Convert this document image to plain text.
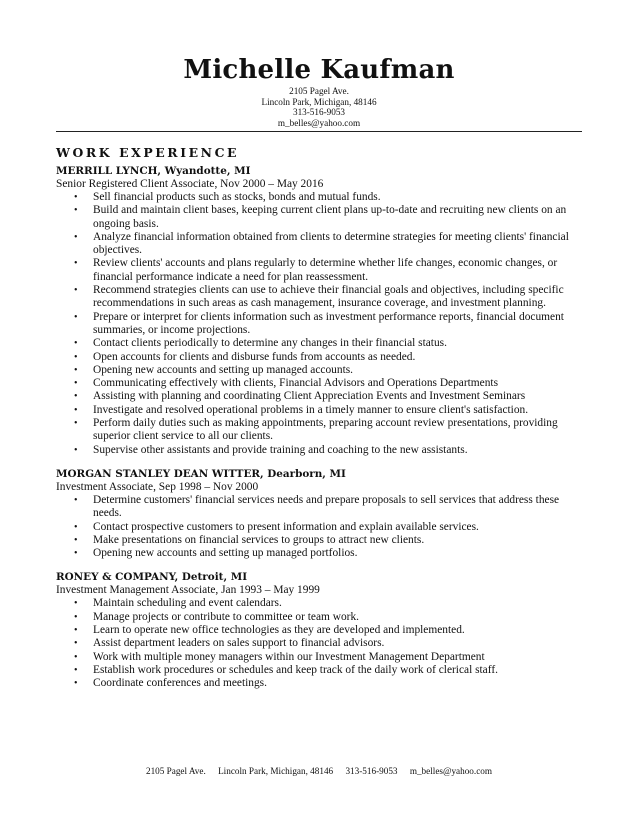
Michelle Kaufman
2105 Pagel Ave.
Lincoln Park, Michigan, 48146
313-516-9053
m_belles@yahoo.com
WORK EXPERIENCE
MERRILL LYNCH, Wyandotte, MI
Senior Registered Client Associate, Nov 2000 – May 2016
• Sell financial products such as stocks, bonds and mutual funds.
• Build and maintain client bases, keeping current client plans up-to-date and recruiting new clients on an ongoing basis.
• Analyze financial information obtained from clients to determine strategies for meeting clients' financial objectives.
• Review clients' accounts and plans regularly to determine whether life changes, economic changes, or financial performance indicate a need for plan reassessment.
• Recommend strategies clients can use to achieve their financial goals and objectives, including specific recommendations in such areas as cash management, insurance coverage, and investment planning.
• Prepare or interpret for clients information such as investment performance reports, financial document summaries, or income projections.
• Contact clients periodically to determine any changes in their financial status.
• Open accounts for clients and disburse funds from accounts as needed.
• Opening new accounts and setting up managed accounts.
• Communicating effectively with clients, Financial Advisors and Operations Departments
• Assisting with planning and coordinating Client Appreciation Events and Investment Seminars
• Investigate and resolved operational problems in a timely manner to ensure client's satisfaction.
• Perform daily duties such as making appointments, preparing account review presentations, providing superior client service to all our clients.
• Supervise other assistants and provide training and coaching to the new assistants.
MORGAN STANLEY DEAN WITTER, Dearborn, MI
Investment Associate, Sep 1998 – Nov 2000
• Determine customers' financial services needs and prepare proposals to sell services that address these needs.
• Contact prospective customers to present information and explain available services.
• Make presentations on financial services to groups to attract new clients.
• Opening new accounts and setting up managed portfolios.
RONEY & COMPANY, Detroit, MI
Investment Management Associate, Jan 1993 – May 1999
• Maintain scheduling and event calendars.
• Manage projects or contribute to committee or team work.
• Learn to operate new office technologies as they are developed and implemented.
• Assist department leaders on sales support to financial advisors.
• Work with multiple money managers within our Investment Management Department
• Establish work procedures or schedules and keep track of the daily work of clerical staff.
• Coordinate conferences and meetings.
2105 Pagel Ave. Lincoln Park, Michigan, 48146 313-516-9053 m_belles@yahoo.com
